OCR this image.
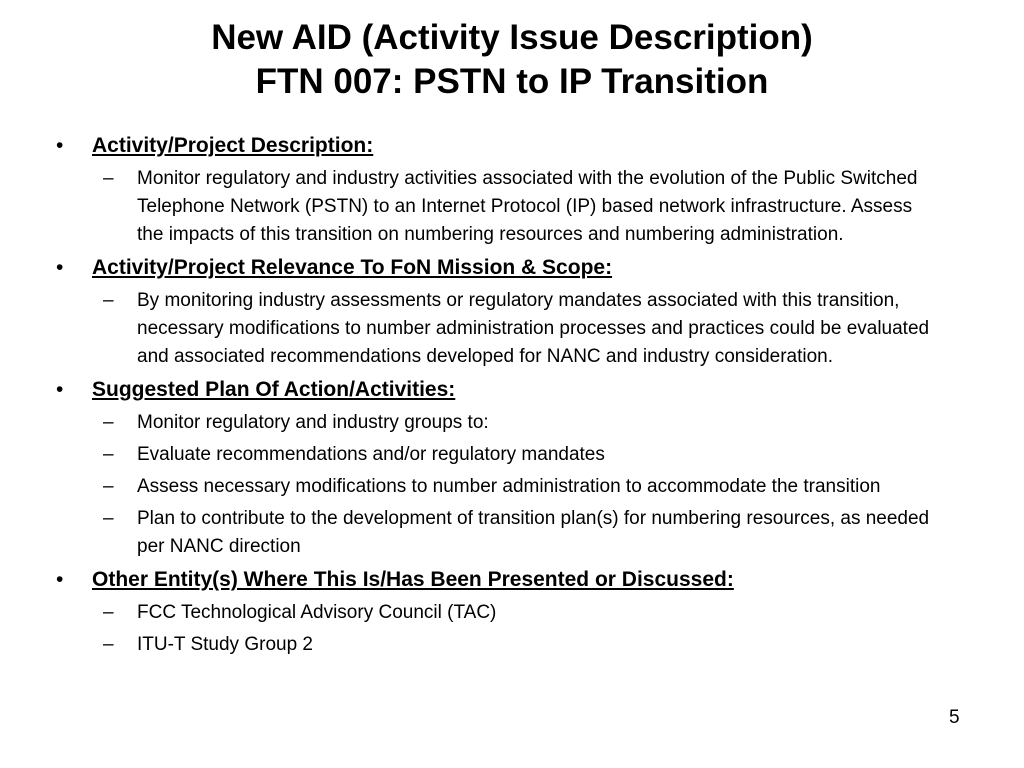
New AID (Activity Issue Description)
FTN 007: PSTN to IP Transition
• Activity/Project Description:
– Monitor regulatory and industry activities associated with the evolution of the Public Switched Telephone Network (PSTN) to an Internet Protocol (IP) based network infrastructure. Assess the impacts of this transition on numbering resources and numbering administration.
• Activity/Project Relevance To FoN Mission & Scope:
– By monitoring industry assessments or regulatory mandates associated with this transition, necessary modifications to number administration processes and practices could be evaluated and associated recommendations developed for NANC and industry consideration.
• Suggested Plan Of Action/Activities:
– Monitor regulatory and industry groups to:
– Evaluate recommendations and/or regulatory mandates
– Assess necessary modifications to number administration to accommodate the transition
– Plan to contribute to the development of transition plan(s) for numbering resources, as needed per NANC direction
• Other Entity(s) Where This Is/Has Been Presented or Discussed:
– FCC Technological Advisory Council (TAC)
– ITU-T Study Group 2
5
